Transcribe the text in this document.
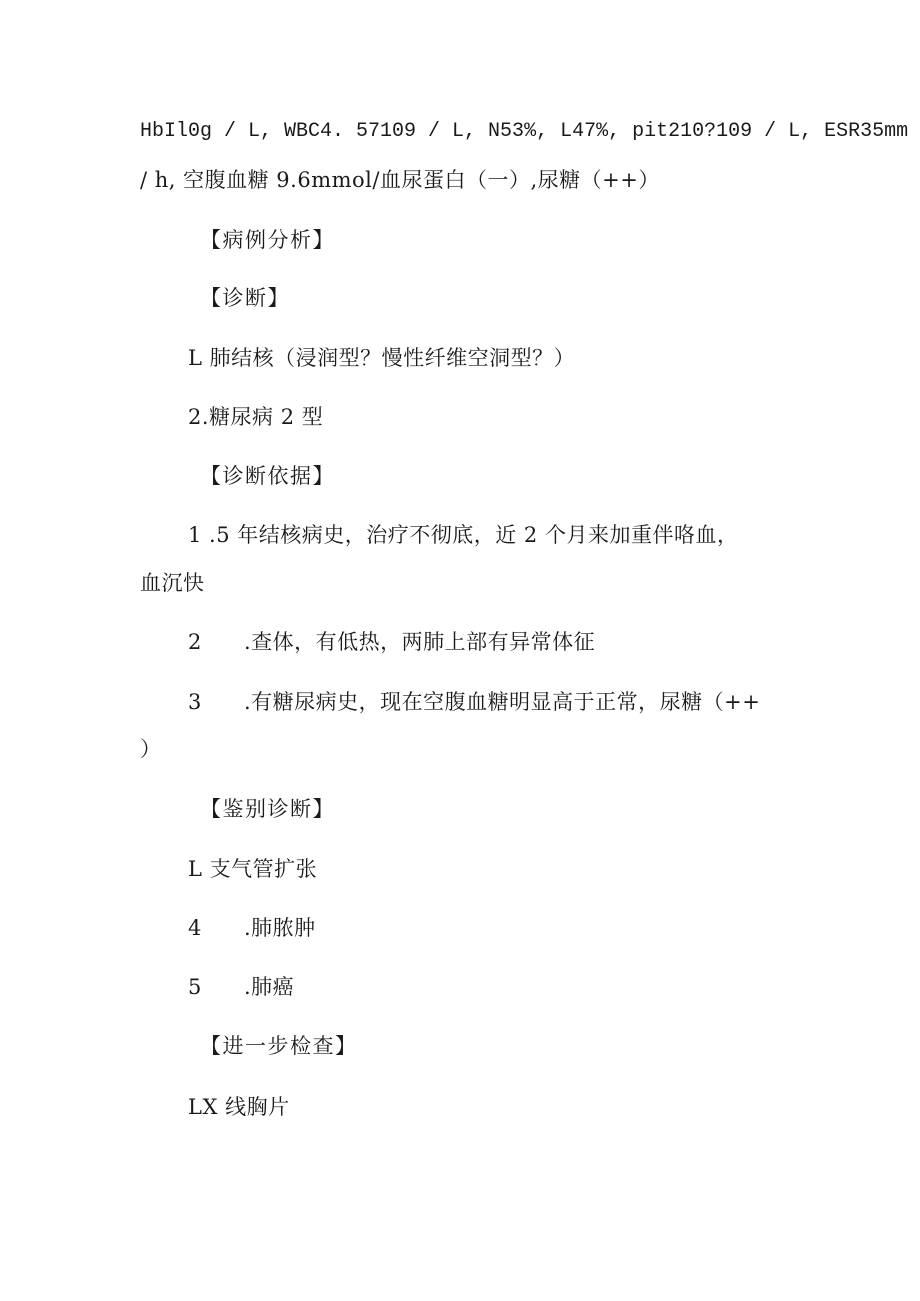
HbIl0g / L, WBC4. 57109 / L, N53%, L47%, pit210?109 / L, ESR35mm
/ h, 空腹血糖 9.6mmol/血尿蛋白（一）,尿糖（++）
【病例分析】
【诊断】
L 肺结核（浸润型？慢性纤维空洞型？）
2.糖尿病 2 型
【诊断依据】
1 .5 年结核病史，治疗不彻底，近 2 个月来加重伴咯血，
血沉快
2 .查体，有低热，两肺上部有异常体征
3 .有糖尿病史，现在空腹血糖明显高于正常，尿糖（++
）
【鉴别诊断】
L 支气管扩张
4 .肺脓肿
5 .肺癌
【进一步检查】
LX 线胸片
